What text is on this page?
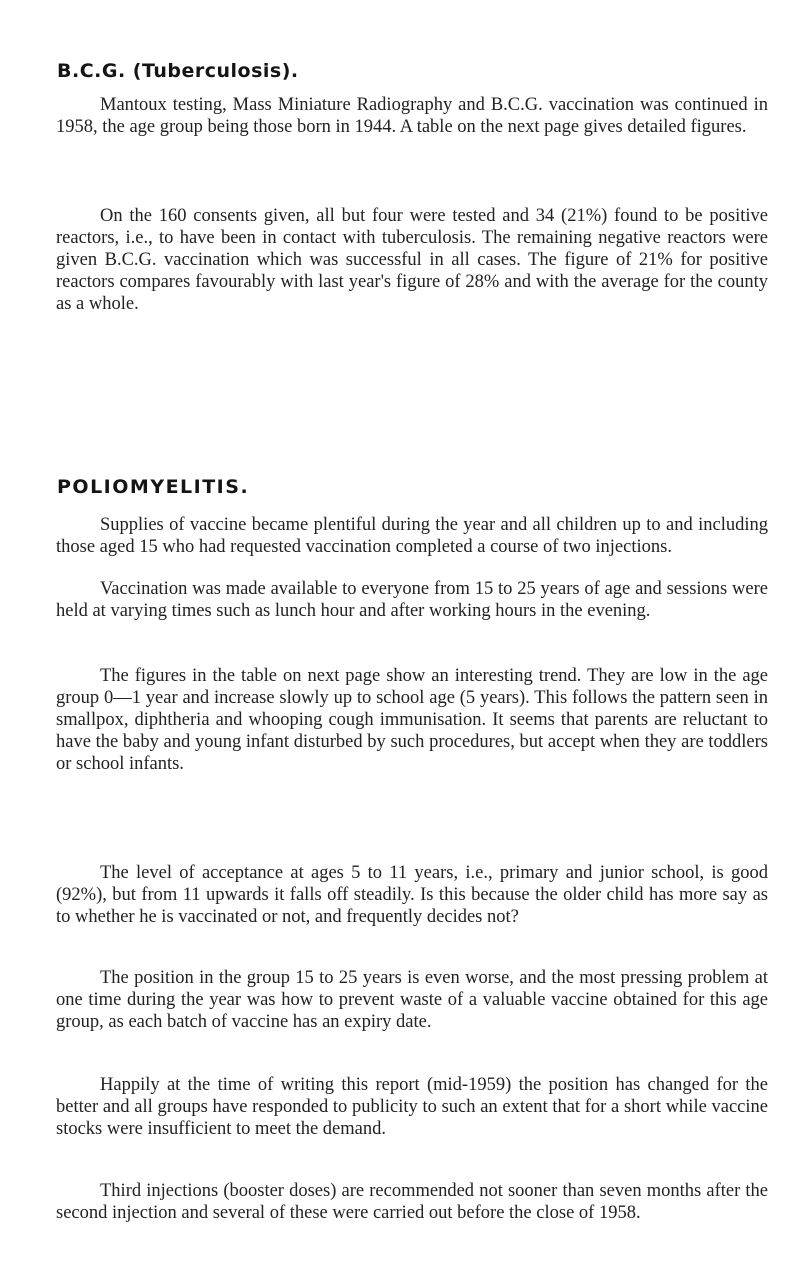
B.C.G. (Tuberculosis).

Mantoux testing, Mass Miniature Radiography and B.C.G. vaccination was continued in 1958, the age group being those born in 1944. A table on the next page gives detailed figures.

On the 160 consents given, all but four were tested and 34 (21%) found to be positive reactors, i.e., to have been in contact with tuberculosis. The remaining negative reactors were given B.C.G. vaccination which was successful in all cases. The figure of 21% for positive reactors compares favourably with last year's figure of 28% and with the average for the county as a whole.

POLIOMYELITIS.

Supplies of vaccine became plentiful during the year and all children up to and including those aged 15 who had requested vaccination completed a course of two injections.

Vaccination was made available to everyone from 15 to 25 years of age and sessions were held at varying times such as lunch hour and after working hours in the evening.

The figures in the table on next page show an interesting trend. They are low in the age group 0—1 year and increase slowly up to school age (5 years). This follows the pattern seen in smallpox, diphtheria and whooping cough immunisation. It seems that parents are reluctant to have the baby and young infant disturbed by such procedures, but accept when they are toddlers or school infants.

The level of acceptance at ages 5 to 11 years, i.e., primary and junior school, is good (92%), but from 11 upwards it falls off steadily. Is this because the older child has more say as to whether he is vaccinated or not, and frequently decides not?

The position in the group 15 to 25 years is even worse, and the most pressing problem at one time during the year was how to prevent waste of a valuable vaccine obtained for this age group, as each batch of vaccine has an expiry date.

Happily at the time of writing this report (mid-1959) the position has changed for the better and all groups have responded to publicity to such an extent that for a short while vaccine stocks were insufficient to meet the demand.

Third injections (booster doses) are recommended not sooner than seven months after the second injection and several of these were carried out before the close of 1958.
